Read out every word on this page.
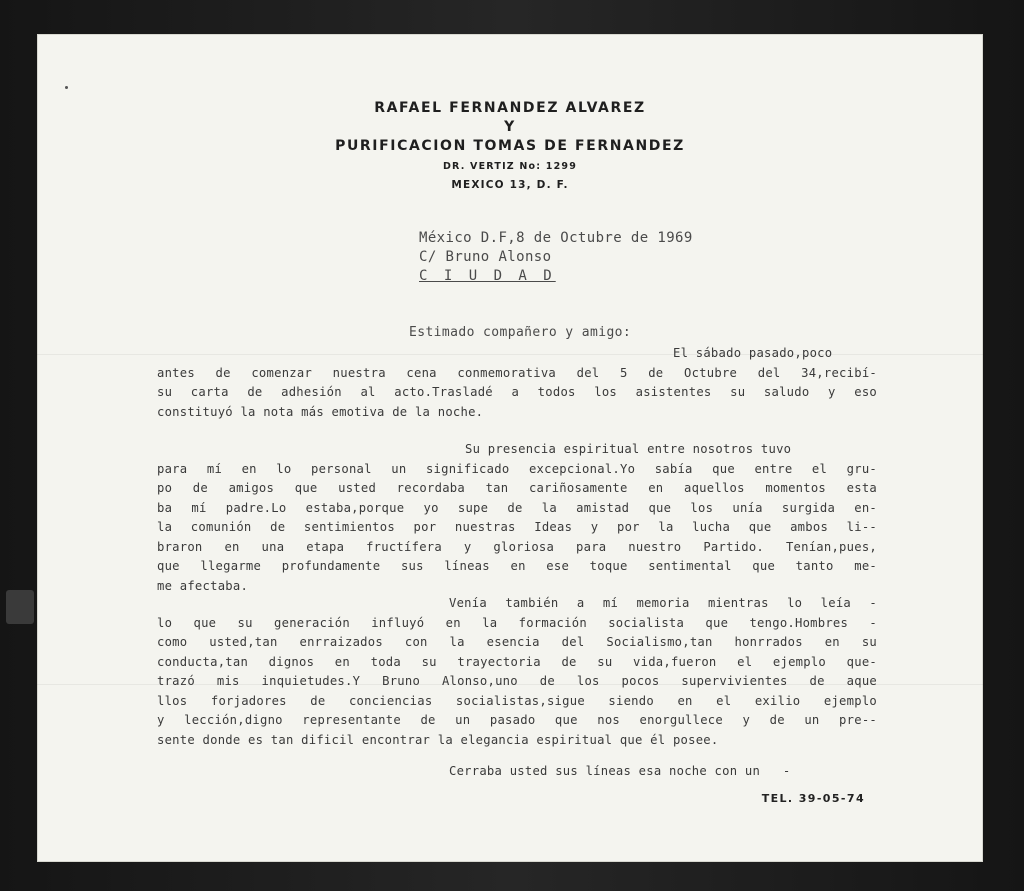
RAFAEL FERNANDEZ ALVAREZ
Y
PURIFICACION TOMAS DE FERNANDEZ
DR. VERTIZ No: 1299
MEXICO 13, D. F.
México D.F,8 de Octubre de 1969
C/ Bruno Alonso
C I U D A D
Estimado compañero y amigo:
El sábado pasado,poco
antes de comenzar nuestra cena conmemorativa del 5 de Octubre del 34,recibí-
su carta de adhesión al acto.Trasladé a todos los asistentes su saludo y eso
constituyó la nota más emotiva de la noche.
Su presencia espiritual entre nosotros tuvo
para mí en lo personal un significado excepcional.Yo sabía que entre el gru-
po de amigos que usted recordaba tan cariñosamente en aquellos momentos esta
ba mí padre.Lo estaba,porque yo supe de la amistad que los unía surgida en-
la comunión de sentimientos por nuestras Ideas y por la lucha que ambos li--
braron en una etapa fructífera y gloriosa para nuestro Partido. Tenían,pues,
que llegarme profundamente sus líneas en ese toque sentimental que tanto me-
me afectaba.
Venía también a mí memoria mientras lo leía -
lo que su generación influyó en la formación socialista que tengo.Hombres -
como usted,tan enrraizados con la esencia del Socialismo,tan honrrados en su
conducta,tan dignos en toda su trayectoria de su vida,fueron el ejemplo que-
trazó mis inquietudes.Y Bruno Alonso,uno de los pocos supervivientes de aque
llos forjadores de conciencias socialistas,sigue siendo en el exilio ejemplo
y lección,digno representante de un pasado que nos enorgullece y de un pre--
sente donde es tan dificil encontrar la elegancia espiritual que él posee.
Cerraba usted sus líneas esa noche con un   -
TEL. 39-05-74
